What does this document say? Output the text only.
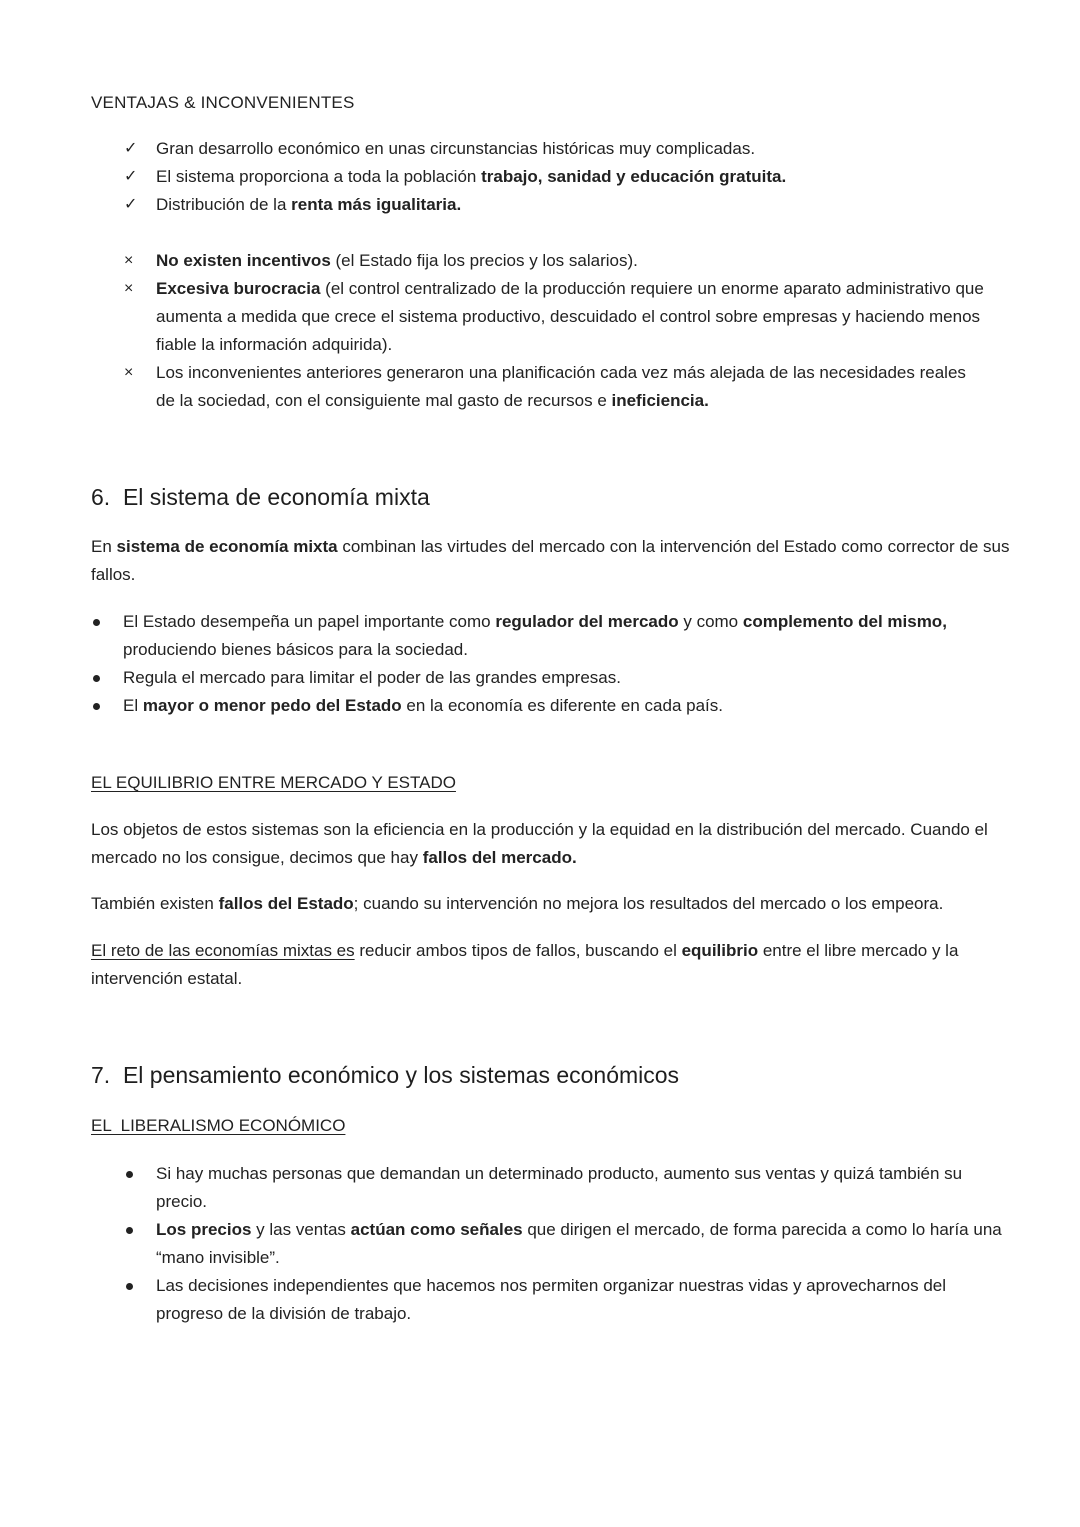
VENTAJAS & INCONVENIENTES
✓ Gran desarrollo económico en unas circunstancias históricas muy complicadas.
✓ El sistema proporciona a toda la población trabajo, sanidad y educación gratuita.
✓ Distribución de la renta más igualitaria.
× No existen incentivos (el Estado fija los precios y los salarios).
× Excesiva burocracia (el control centralizado de la producción requiere un enorme aparato administrativo que aumenta a medida que crece el sistema productivo, descuidado el control sobre empresas y haciendo menos fiable la información adquirida).
× Los inconvenientes anteriores generaron una planificación cada vez más alejada de las necesidades reales de la sociedad, con el consiguiente mal gasto de recursos e ineficiencia.
6. El sistema de economía mixta
En sistema de economía mixta combinan las virtudes del mercado con la intervención del Estado como corrector de sus fallos.
El Estado desempeña un papel importante como regulador del mercado y como complemento del mismo, produciendo bienes básicos para la sociedad.
Regula el mercado para limitar el poder de las grandes empresas.
El mayor o menor pedo del Estado en la economía es diferente en cada país.
EL EQUILIBRIO ENTRE MERCADO Y ESTADO
Los objetos de estos sistemas son la eficiencia en la producción y la equidad en la distribución del mercado. Cuando el mercado no los consigue, decimos que hay fallos del mercado.
También existen fallos del Estado; cuando su intervención no mejora los resultados del mercado o los empeora.
El reto de las economías mixtas es reducir ambos tipos de fallos, buscando el equilibrio entre el libre mercado y la intervención estatal.
7. El pensamiento económico y los sistemas económicos
EL  LIBERALISMO ECONÓMICO
Si hay muchas personas que demandan un determinado producto, aumento sus ventas y quizá también su precio.
Los precios y las ventas actúan como señales que dirigen el mercado, de forma parecida a como lo haría una “mano invisible”.
Las decisiones independientes que hacemos nos permiten organizar nuestras vidas y aprovecharnos del progreso de la división de trabajo.
